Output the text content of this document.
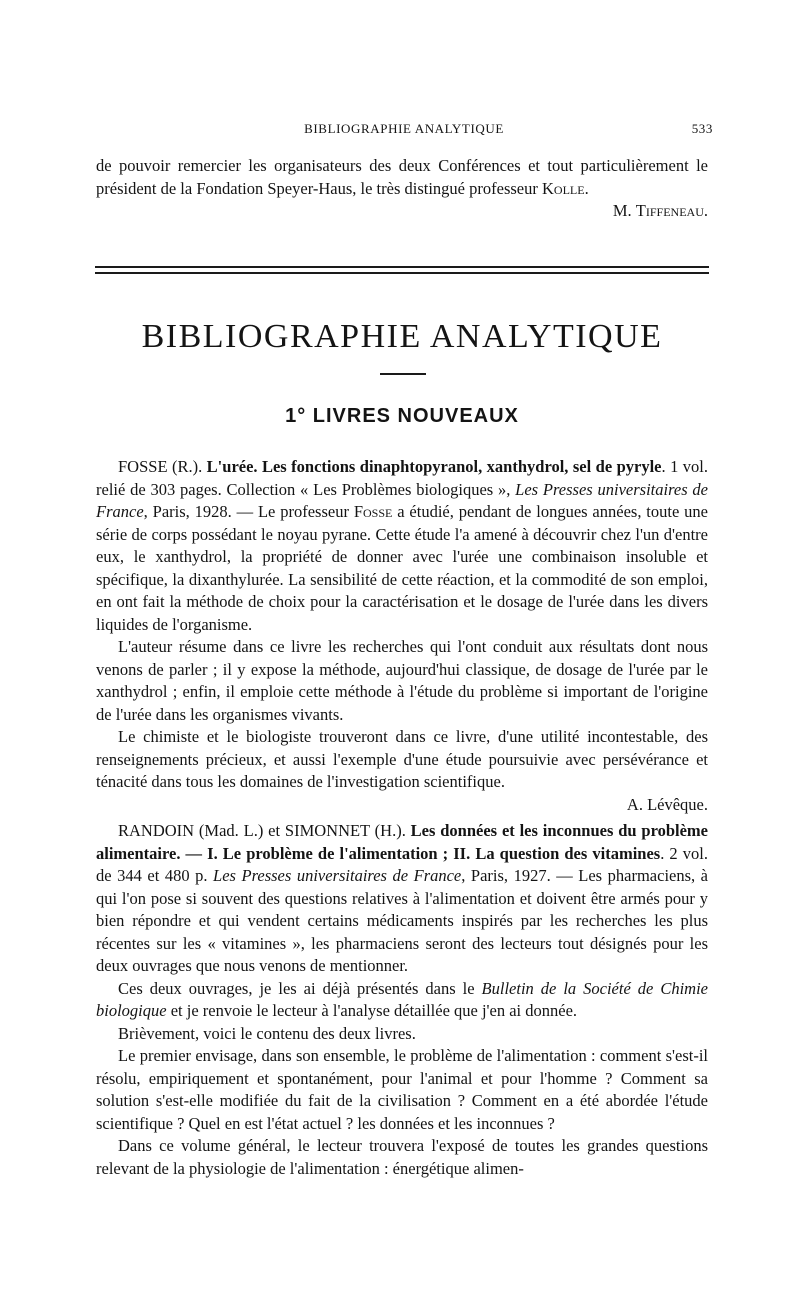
BIBLIOGRAPHIE ANALYTIQUE	533

de pouvoir remercier les organisateurs des deux Conférences et tout particulièrement le président de la Fondation Speyer-Haus, le très distingué professeur Kolle.

M. Tiffeneau.

BIBLIOGRAPHIE ANALYTIQUE
1° LIVRES NOUVEAUX

FOSSE (R.). L'urée. Les fonctions dinaphtopyranol, xanthydrol, sel de pyryle. 1 vol. relié de 303 pages. Collection « Les Problèmes biologiques », Les Presses universitaires de France, Paris, 1928. — Le professeur Fosse a étudié, pendant de longues années, toute une série de corps possédant le noyau pyrane. Cette étude l'a amené à découvrir chez l'un d'entre eux, le xanthydrol, la propriété de donner avec l'urée une combinaison insoluble et spécifique, la dixanthylurée. La sensibilité de cette réaction, et la commodité de son emploi, en ont fait la méthode de choix pour la caractérisation et le dosage de l'urée dans les divers liquides de l'organisme.

L'auteur résume dans ce livre les recherches qui l'ont conduit aux résultats dont nous venons de parler ; il y expose la méthode, aujourd'hui classique, de dosage de l'urée par le xanthydrol ; enfin, il emploie cette méthode à l'étude du problème si important de l'origine de l'urée dans les organismes vivants.

Le chimiste et le biologiste trouveront dans ce livre, d'une utilité incontestable, des renseignements précieux, et aussi l'exemple d'une étude poursuivie avec persévérance et ténacité dans tous les domaines de l'investigation scientifique.

A. Lévêque.

RANDOIN (Mad. L.) et SIMONNET (H.). Les données et les inconnues du problème alimentaire. — I. Le problème de l'alimentation ; II. La question des vitamines. 2 vol. de 344 et 480 p. Les Presses universitaires de France, Paris, 1927. — Les pharmaciens, à qui l'on pose si souvent des questions relatives à l'alimentation et doivent être armés pour y bien répondre et qui vendent certains médicaments inspirés par les recherches les plus récentes sur les « vitamines », les pharmaciens seront des lecteurs tout désignés pour les deux ouvrages que nous venons de mentionner.

Ces deux ouvrages, je les ai déjà présentés dans le Bulletin de la Société de Chimie biologique et je renvoie le lecteur à l'analyse détaillée que j'en ai donnée.

Brièvement, voici le contenu des deux livres.

Le premier envisage, dans son ensemble, le problème de l'alimentation : comment s'est-il résolu, empiriquement et spontanément, pour l'animal et pour l'homme ? Comment sa solution s'est-elle modifiée du fait de la civilisation ? Comment en a été abordée l'étude scientifique ? Quel en est l'état actuel ? les données et les inconnues ?

Dans ce volume général, le lecteur trouvera l'exposé de toutes les grandes questions relevant de la physiologie de l'alimentation : énergétique alimen-
